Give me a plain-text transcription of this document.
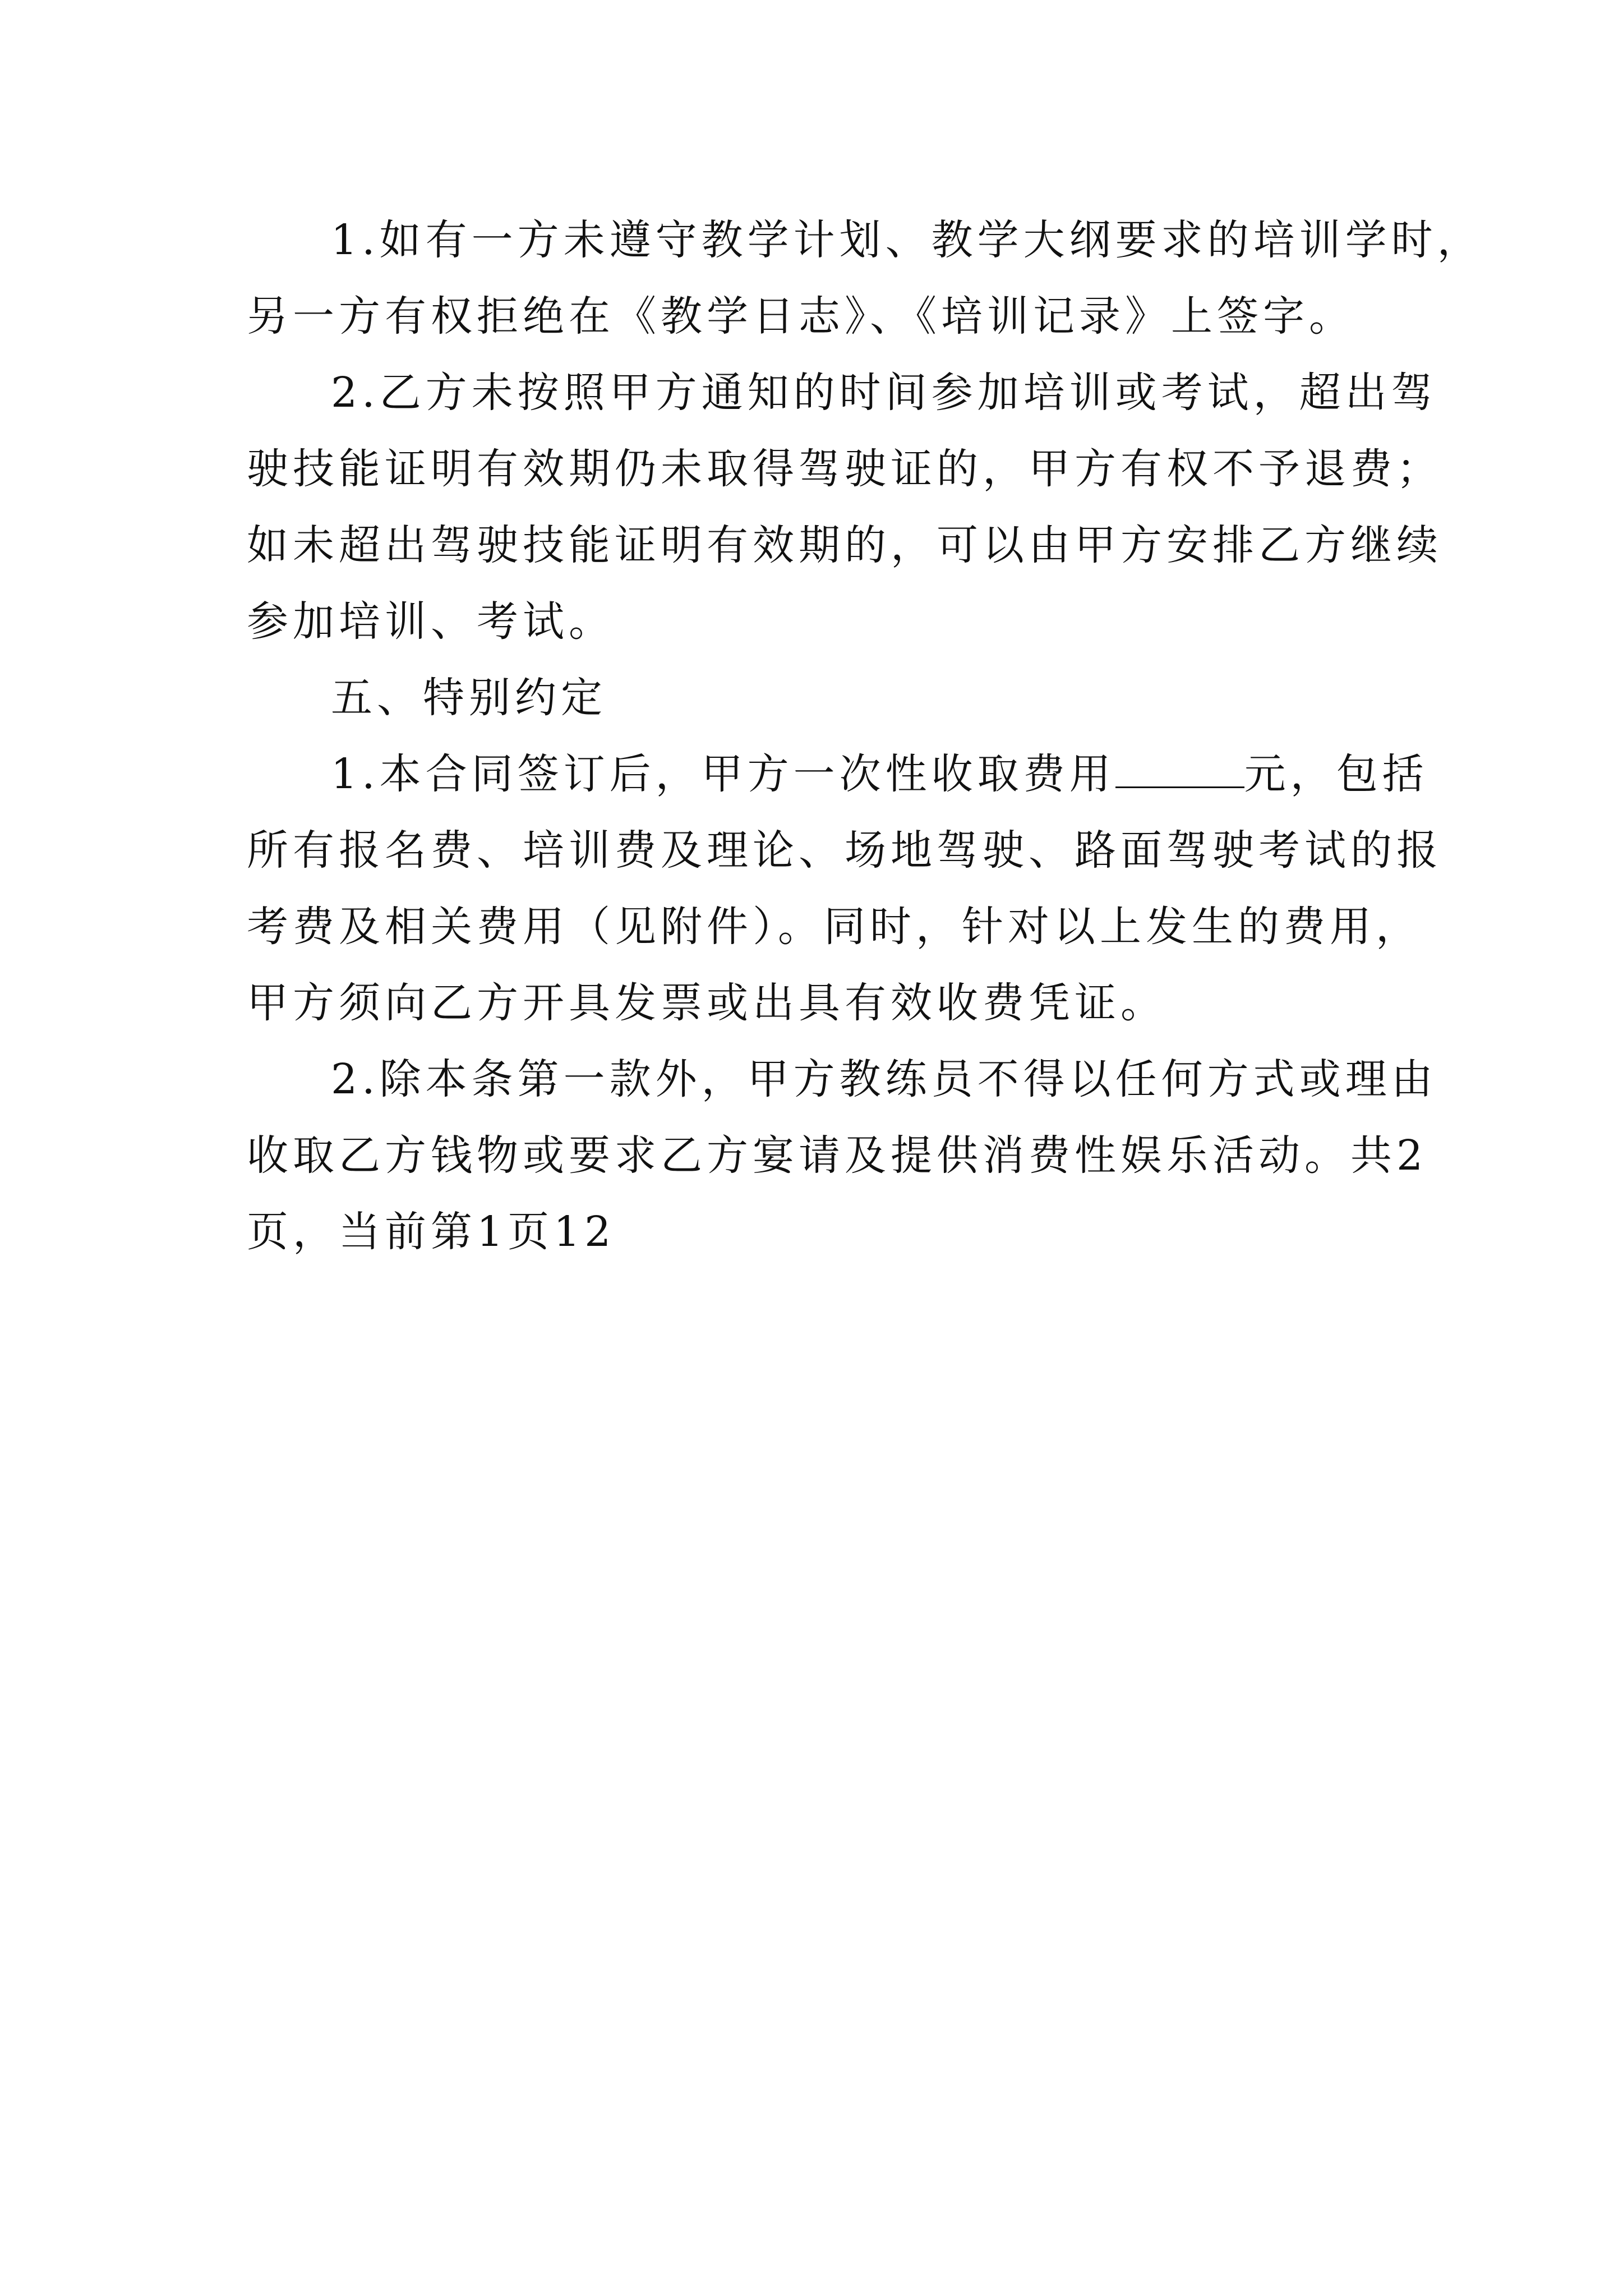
1.如有一方未遵守教学计划、教学大纲要求的培训学时，
另一方有权拒绝在《教学日志》、《培训记录》上签字。
2.乙方未按照甲方通知的时间参加培训或考试，超出驾
驶技能证明有效期仍未取得驾驶证的，甲方有权不予退费；
如未超出驾驶技能证明有效期的，可以由甲方安排乙方继续
参加培训、考试。
五、特别约定
1.本合同签订后，甲方一次性收取费用	元，包括
所有报名费、培训费及理论、场地驾驶、路面驾驶考试的报
考费及相关费用（见附件）。同时，针对以上发生的费用，
甲方须向乙方开具发票或出具有效收费凭证。
2.除本条第一款外，甲方教练员不得以任何方式或理由
收取乙方钱物或要求乙方宴请及提供消费性娱乐活动。共2
页，当前第1页12
